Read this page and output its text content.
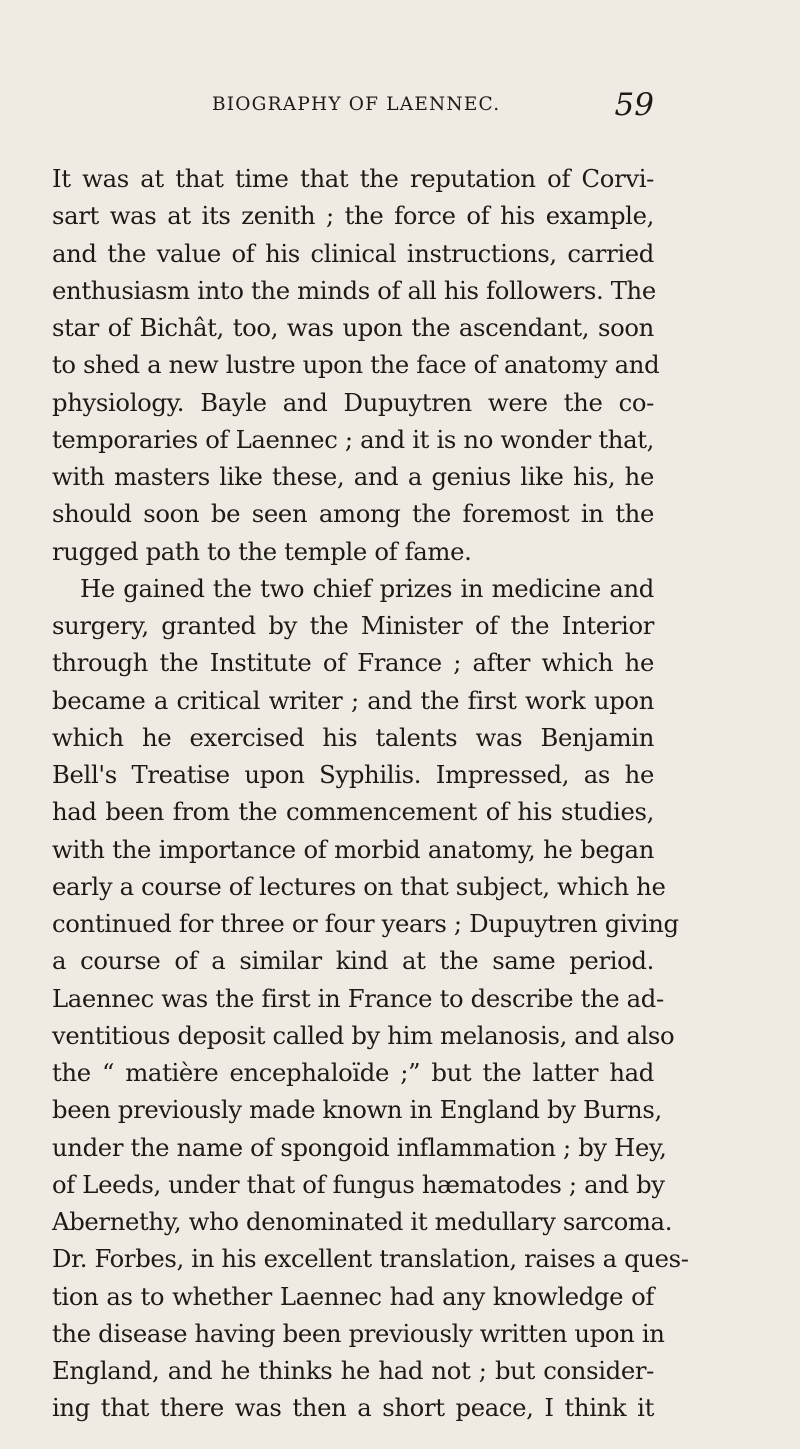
BIOGRAPHY OF LAENNEC.	59
It was at that time that the reputation of Corvi-
sart was at its zenith ; the force of his example,
and the value of his clinical instructions, carried
enthusiasm into the minds of all his followers. The
star of Bichât, too, was upon the ascendant, soon
to shed a new lustre upon the face of anatomy and
physiology. Bayle and Dupuytren were the co-
temporaries of Laennec ; and it is no wonder that,
with masters like these, and a genius like his, he
should soon be seen among the foremost in the
rugged path to the temple of fame.
He gained the two chief prizes in medicine and
surgery, granted by the Minister of the Interior
through the Institute of France ; after which he
became a critical writer ; and the first work upon
which he exercised his talents was Benjamin
Bell's Treatise upon Syphilis. Impressed, as he
had been from the commencement of his studies,
with the importance of morbid anatomy, he began
early a course of lectures on that subject, which he
continued for three or four years ; Dupuytren giving
a course of a similar kind at the same period.
Laennec was the first in France to describe the ad-
ventitious deposit called by him melanosis, and also
the “ matière encephaloïde ;” but the latter had
been previously made known in England by Burns,
under the name of spongoid inflammation ; by Hey,
of Leeds, under that of fungus hæmatodes ; and by
Abernethy, who denominated it medullary sarcoma.
Dr. Forbes, in his excellent translation, raises a ques-
tion as to whether Laennec had any knowledge of
the disease having been previously written upon in
England, and he thinks he had not ; but consider-
ing that there was then a short peace, I think it
